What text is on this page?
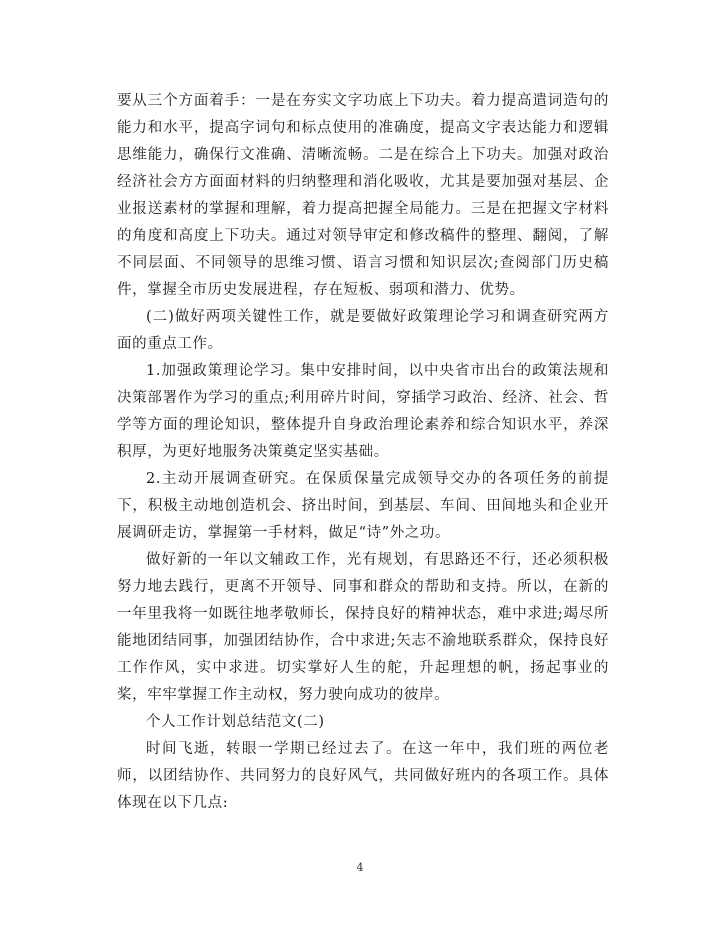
要从三个方面着手：一是在夯实文字功底上下功夫。着力提高遣词造句的能力和水平，提高字词句和标点使用的准确度，提高文字表达能力和逻辑思维能力，确保行文准确、清晰流畅。二是在综合上下功夫。加强对政治经济社会方方面面材料的归纳整理和消化吸收，尤其是要加强对基层、企业报送素材的掌握和理解，着力提高把握全局能力。三是在把握文字材料的角度和高度上下功夫。通过对领导审定和修改稿件的整理、翻阅，了解不同层面、不同领导的思维习惯、语言习惯和知识层次;查阅部门历史稿件，掌握全市历史发展进程，存在短板、弱项和潜力、优势。

(二)做好两项关键性工作，就是要做好政策理论学习和调查研究两方面的重点工作。

1.加强政策理论学习。集中安排时间，以中央省市出台的政策法规和决策部署作为学习的重点;利用碎片时间，穿插学习政治、经济、社会、哲学等方面的理论知识，整体提升自身政治理论素养和综合知识水平，养深积厚，为更好地服务决策奠定坚实基础。

2.主动开展调查研究。在保质保量完成领导交办的各项任务的前提下，积极主动地创造机会、挤出时间，到基层、车间、田间地头和企业开展调研走访，掌握第一手材料，做足“诗”外之功。

做好新的一年以文辅政工作，光有规划，有思路还不行，还必须积极努力地去践行，更离不开领导、同事和群众的帮助和支持。所以，在新的一年里我将一如既往地孝敬师长，保持良好的精神状态，难中求进;竭尽所能地团结同事，加强团结协作，合中求进;矢志不渝地联系群众，保持良好工作作风，实中求进。切实掌好人生的舵，升起理想的帆，扬起事业的桨，牢牢掌握工作主动权，努力驶向成功的彼岸。

个人工作计划总结范文(二)

时间飞逝，转眼一学期已经过去了。在这一年中，我们班的两位老师，以团结协作、共同努力的良好风气，共同做好班内的各项工作。具体体现在以下几点:

4
